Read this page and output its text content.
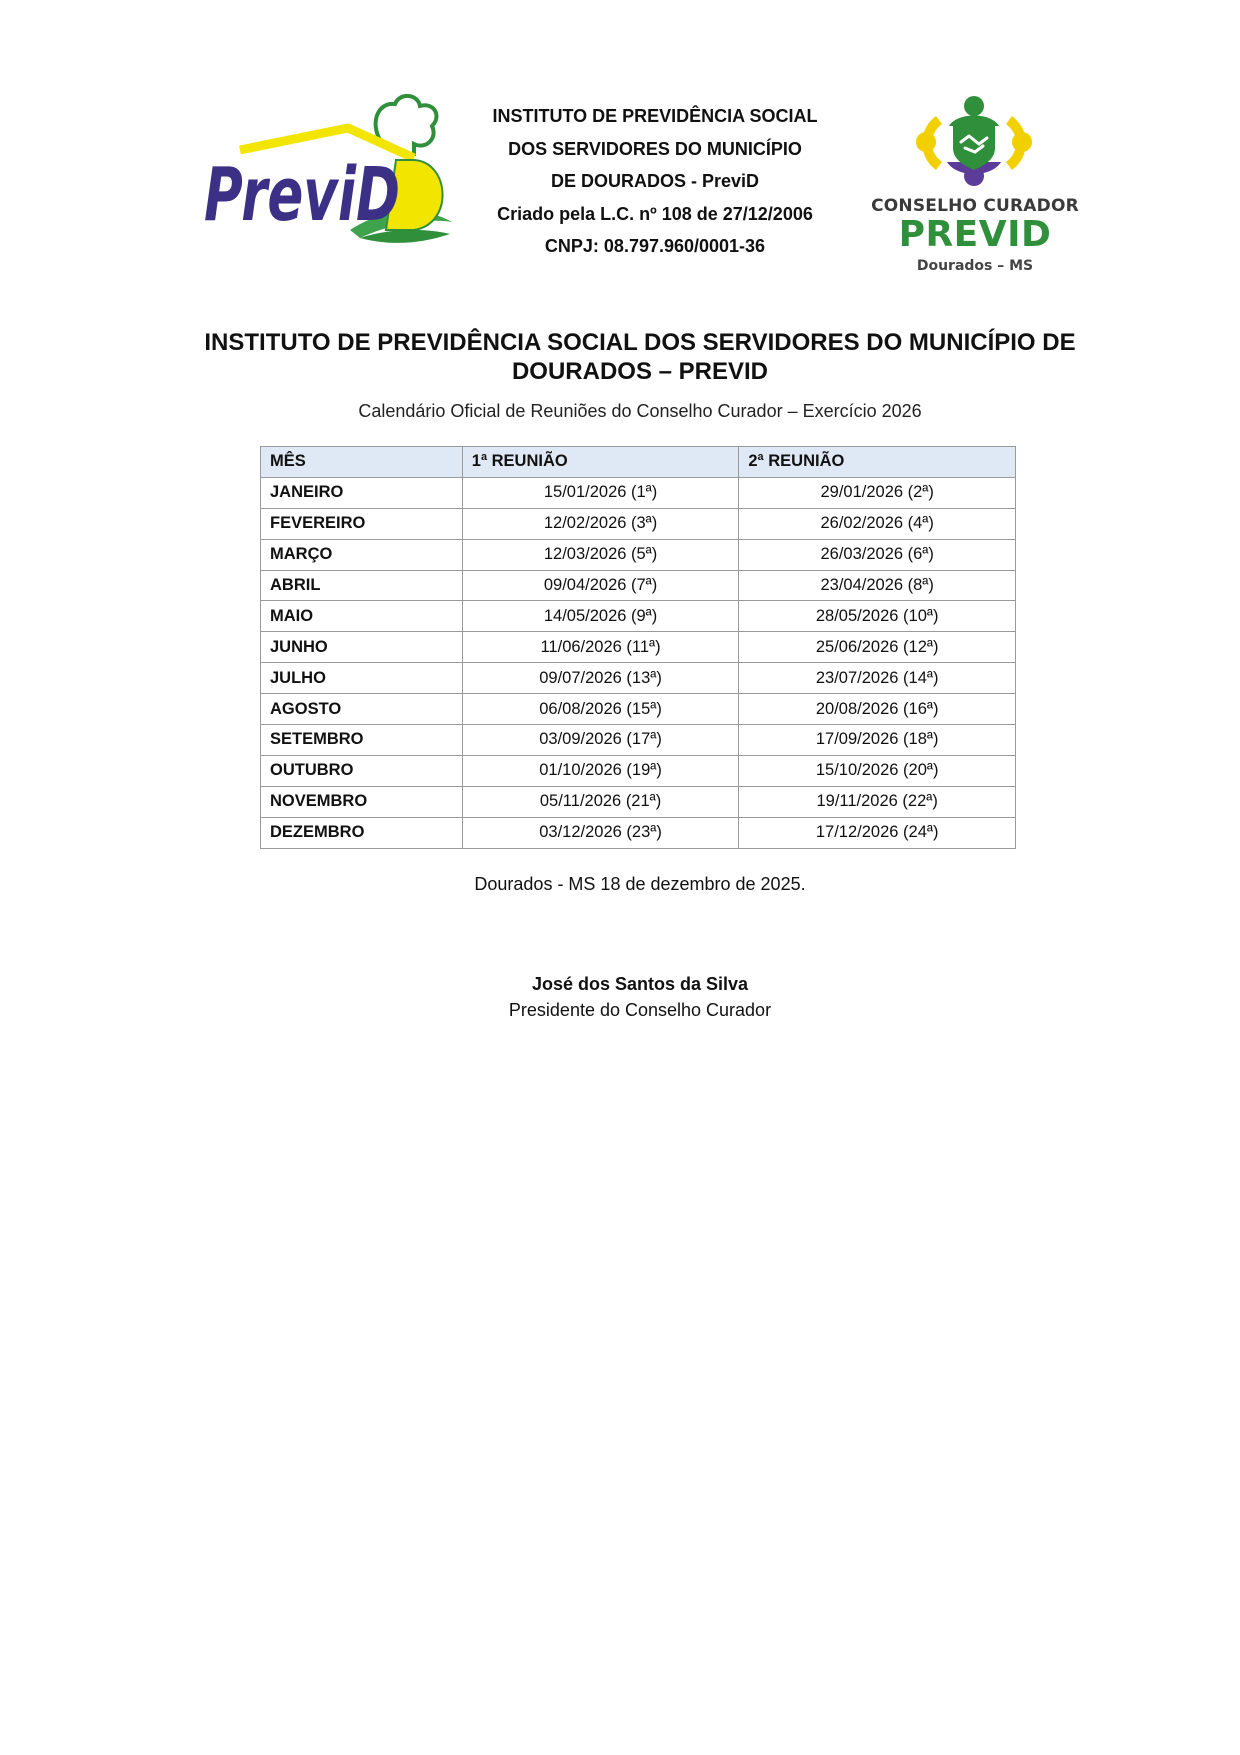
PreviD
INSTITUTO DE PREVIDÊNCIA SOCIAL
DOS SERVIDORES DO MUNICÍPIO
DE DOURADOS - PreviD
Criado pela L.C. nº 108 de 27/12/2006
CNPJ: 08.797.960/0001-36
CONSELHO CURADOR
PREVID
Dourados – MS
INSTITUTO DE PREVIDÊNCIA SOCIAL DOS SERVIDORES DO MUNICÍPIO DE
DOURADOS – PREVID
Calendário Oficial de Reuniões do Conselho Curador – Exercício 2026
MÊS	1ª REUNIÃO	2ª REUNIÃO
JANEIRO	15/01/2026 (1ª)	29/01/2026 (2ª)
FEVEREIRO	12/02/2026 (3ª)	26/02/2026 (4ª)
MARÇO	12/03/2026 (5ª)	26/03/2026 (6ª)
ABRIL	09/04/2026 (7ª)	23/04/2026 (8ª)
MAIO	14/05/2026 (9ª)	28/05/2026 (10ª)
JUNHO	11/06/2026 (11ª)	25/06/2026 (12ª)
JULHO	09/07/2026 (13ª)	23/07/2026 (14ª)
AGOSTO	06/08/2026 (15ª)	20/08/2026 (16ª)
SETEMBRO	03/09/2026 (17ª)	17/09/2026 (18ª)
OUTUBRO	01/10/2026 (19ª)	15/10/2026 (20ª)
NOVEMBRO	05/11/2026 (21ª)	19/11/2026 (22ª)
DEZEMBRO	03/12/2026 (23ª)	17/12/2026 (24ª)
Dourados - MS 18 de dezembro de 2025.
José dos Santos da Silva
Presidente do Conselho Curador
